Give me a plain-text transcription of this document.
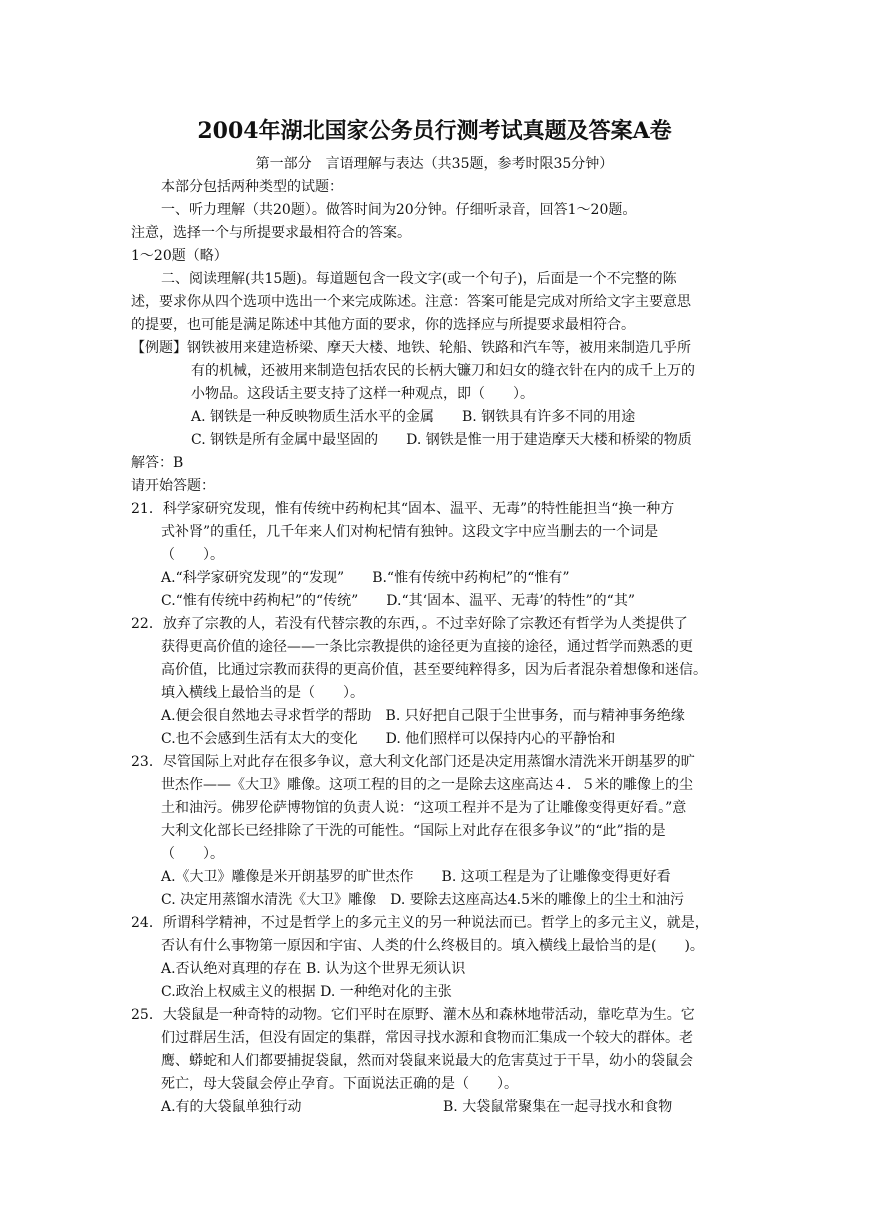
2004年湖北国家公务员行测考试真题及答案A卷
第一部分　言语理解与表达（共35题，参考时限35分钟）
本部分包括两种类型的试题：
一、听力理解（共20题）。做答时间为20分钟。仔细听录音，回答1～20题。
注意，选择一个与所提要求最相符合的答案。
1～20题（略）
二、阅读理解(共15题)。每道题包含一段文字(或一个句子)，后面是一个不完整的陈
述，要求你从四个选项中选出一个来完成陈述。注意：答案可能是完成对所给文字主要意思
的提要，也可能是满足陈述中其他方面的要求，你的选择应与所提要求最相符合。
【例题】钢铁被用来建造桥梁、摩天大楼、地铁、轮船、铁路和汽车等，被用来制造几乎所
有的机械，还被用来制造包括农民的长柄大镰刀和妇女的缝衣针在内的成千上万的
小物品。这段话主要支持了这样一种观点，即（　　）。
A. 钢铁是一种反映物质生活水平的金属　　B. 钢铁具有许多不同的用途
C. 钢铁是所有金属中最坚固的　　D. 钢铁是惟一用于建造摩天大楼和桥梁的物质
解答：B
请开始答题：
21．科学家研究发现，惟有传统中药枸杞其“固本、温平、无毒”的特性能担当“换一种方
式补肾”的重任，几千年来人们对枸杞情有独钟。这段文字中应当删去的一个词是
（　　）。
A.“科学家研究发现”的“发现”　　B.“惟有传统中药枸杞”的“惟有”
C.“惟有传统中药枸杞”的“传统”　　D.“其‘固本、温平、无毒’的特性”的“其”
22．放弃了宗教的人，若没有代替宗教的东西，。不过幸好除了宗教还有哲学为人类提供了
获得更高价值的途径——一条比宗教提供的途径更为直接的途径，通过哲学而熟悉的更
高价值，比通过宗教而获得的更高价值，甚至要纯粹得多，因为后者混杂着想像和迷信。
填入横线上最恰当的是（　　）。
A.便会很自然地去寻求哲学的帮助　B. 只好把自己限于尘世事务，而与精神事务绝缘
C.也不会感到生活有太大的变化　　D. 他们照样可以保持内心的平静怡和
23．尽管国际上对此存在很多争议，意大利文化部门还是决定用蒸馏水清洗米开朗基罗的旷
世杰作——《大卫》雕像。这项工程的目的之一是除去这座高达４．５米的雕像上的尘
土和油污。佛罗伦萨博物馆的负责人说：“这项工程并不是为了让雕像变得更好看。”意
大利文化部长已经排除了干洗的可能性。“国际上对此存在很多争议”的“此”指的是
（　　）。
A.《大卫》雕像是米开朗基罗的旷世杰作　　B. 这项工程是为了让雕像变得更好看
C. 决定用蒸馏水清洗《大卫》雕像　D. 要除去这座高达4.5米的雕像上的尘土和油污
24．所谓科学精神，不过是哲学上的多元主义的另一种说法而已。哲学上的多元主义，就是，
否认有什么事物第一原因和宇宙、人类的什么终极目的。填入横线上最恰当的是(　　)。
A.否认绝对真理的存在 B. 认为这个世界无须认识
C.政治上权威主义的根据 D. 一种绝对化的主张
25．大袋鼠是一种奇特的动物。它们平时在原野、灌木丛和森林地带活动，靠吃草为生。它
们过群居生活，但没有固定的集群，常因寻找水源和食物而汇集成一个较大的群体。老
鹰、蟒蛇和人们都要捕捉袋鼠，然而对袋鼠来说最大的危害莫过于干旱，幼小的袋鼠会
死亡，母大袋鼠会停止孕育。下面说法正确的是（　　）。
A.有的大袋鼠单独行动	B. 大袋鼠常聚集在一起寻找水和食物
